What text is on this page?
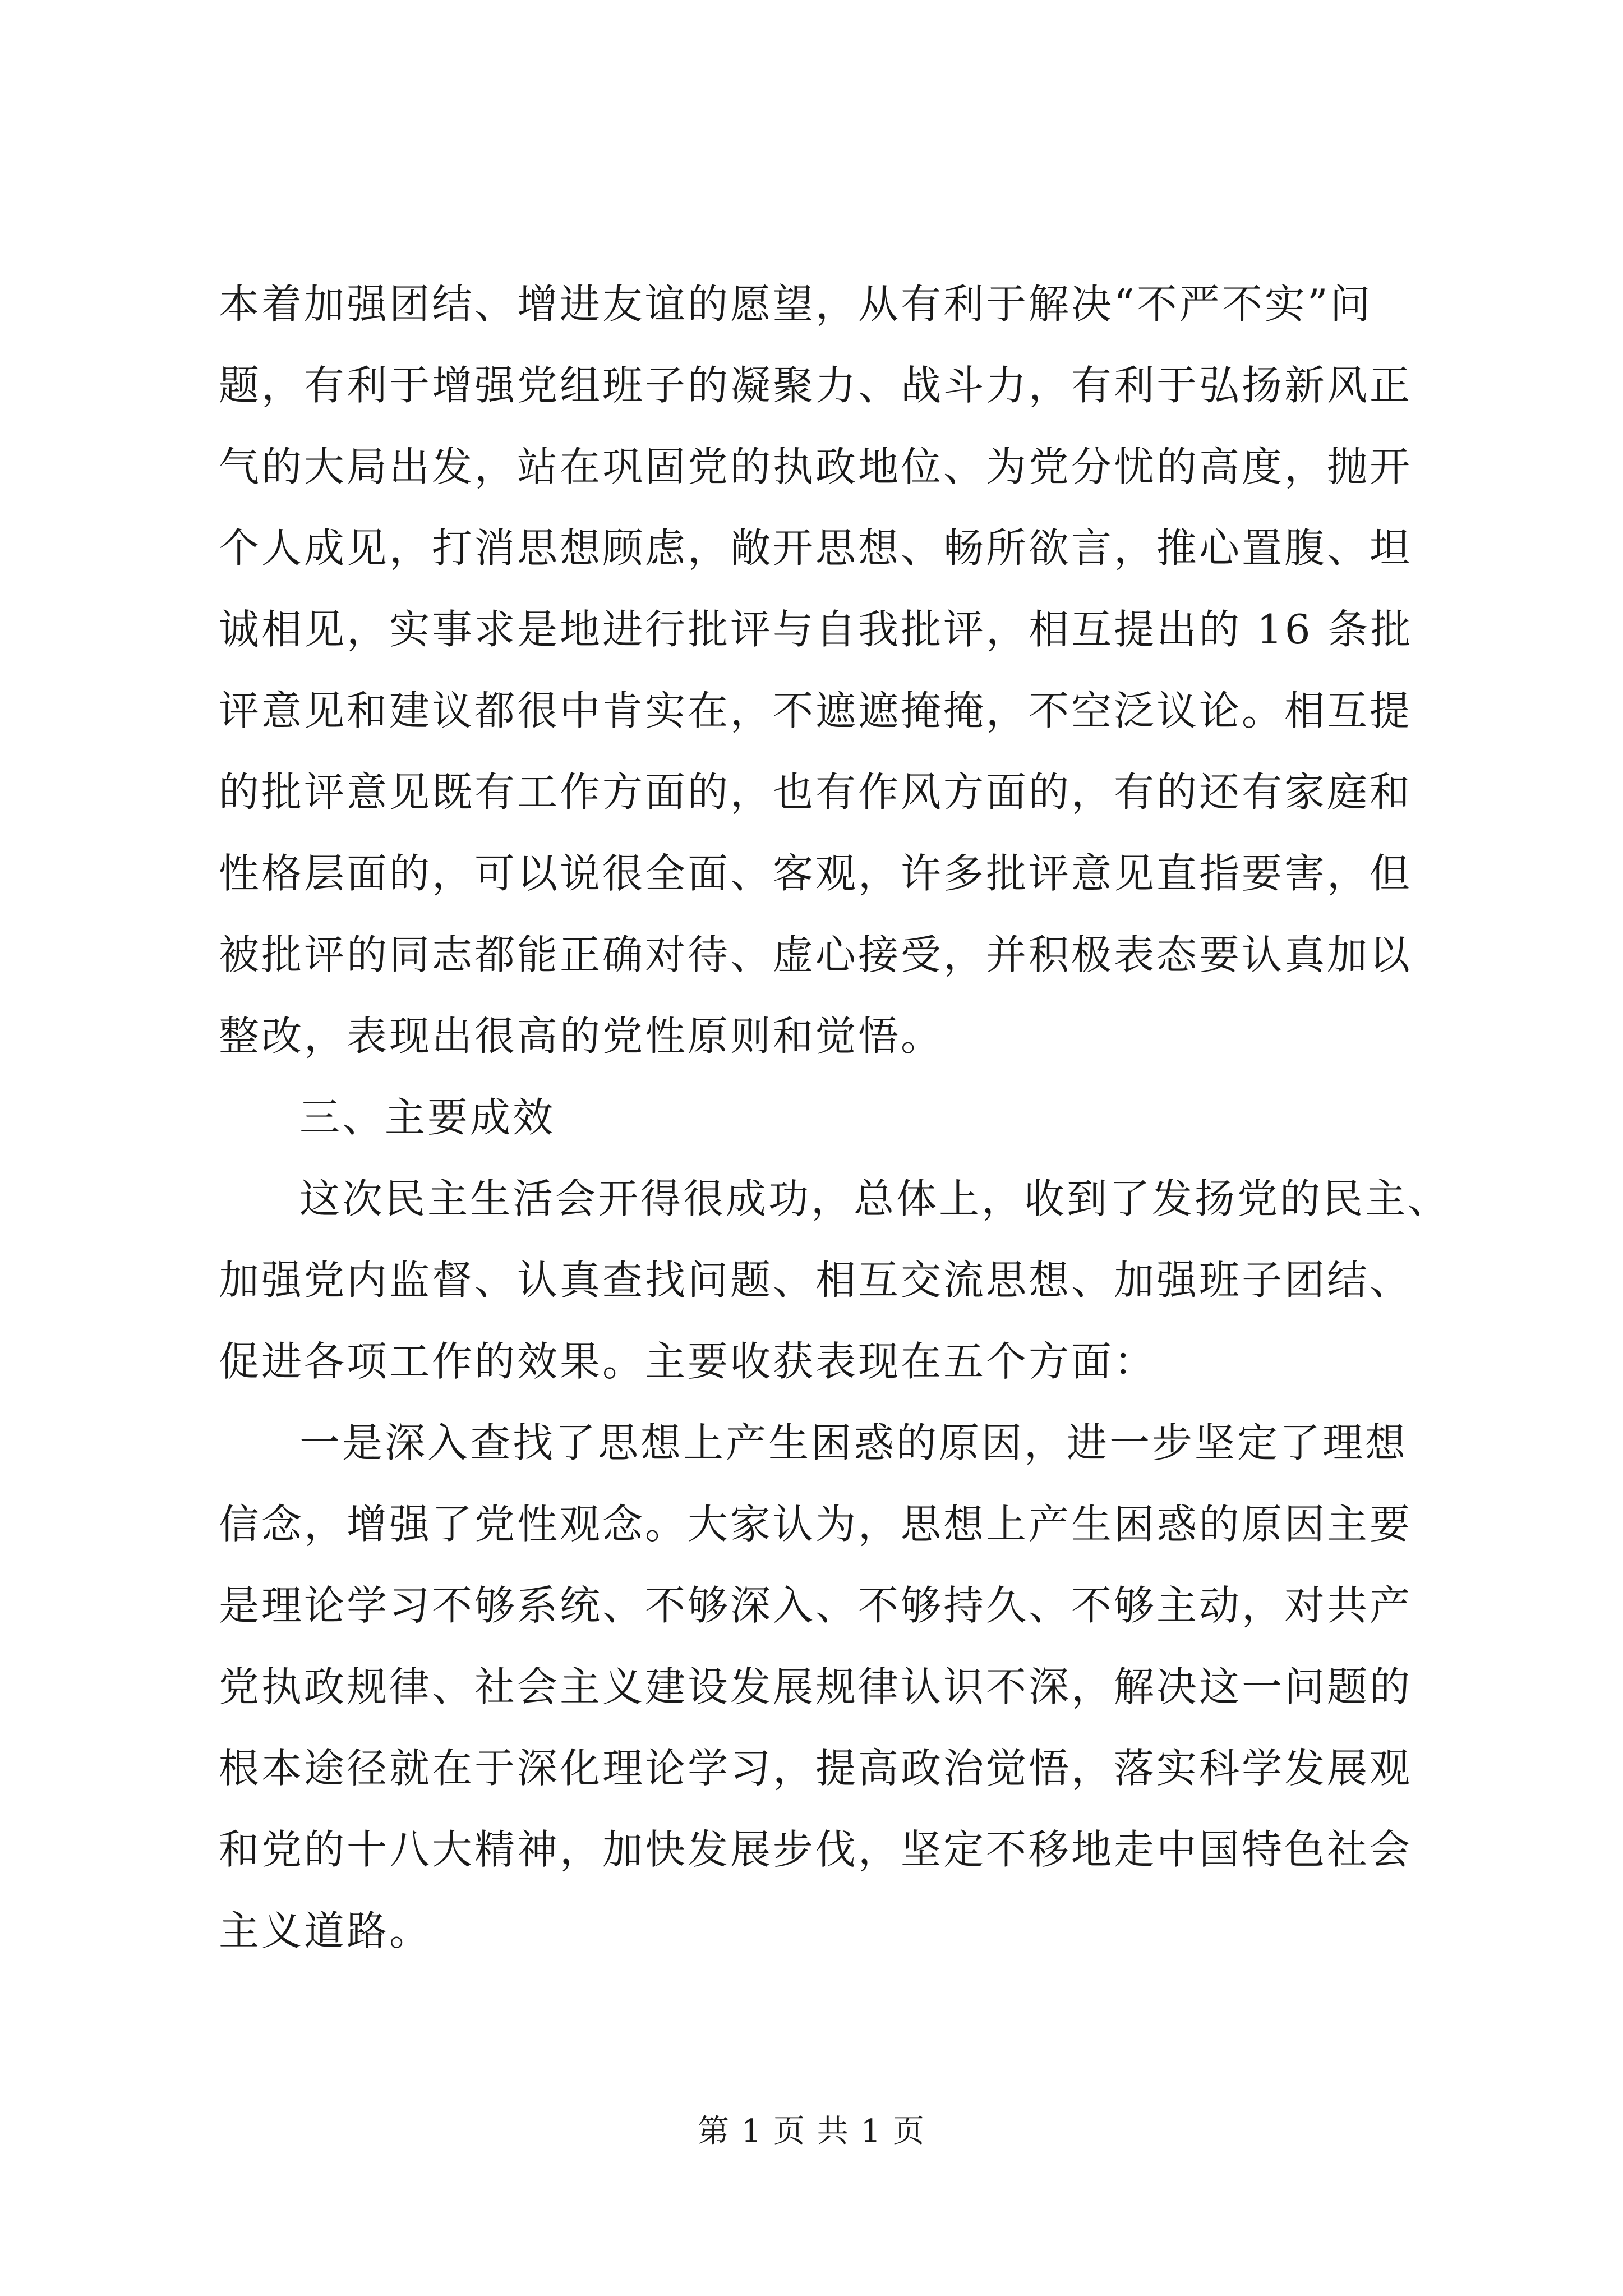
本着加强团结、增进友谊的愿望，从有利于解决“不严不实”问
题，有利于增强党组班子的凝聚力、战斗力，有利于弘扬新风正
气的大局出发，站在巩固党的执政地位、为党分忧的高度，抛开
个人成见，打消思想顾虑，敞开思想、畅所欲言，推心置腹、坦
诚相见，实事求是地进行批评与自我批评，相互提出的 16 条批
评意见和建议都很中肯实在，不遮遮掩掩，不空泛议论。相互提
的批评意见既有工作方面的，也有作风方面的，有的还有家庭和
性格层面的，可以说很全面、客观，许多批评意见直指要害，但
被批评的同志都能正确对待、虚心接受，并积极表态要认真加以
整改，表现出很高的党性原则和觉悟。
三、主要成效
这次民主生活会开得很成功，总体上，收到了发扬党的民主、
加强党内监督、认真查找问题、相互交流思想、加强班子团结、
促进各项工作的效果。主要收获表现在五个方面：
一是深入查找了思想上产生困惑的原因，进一步坚定了理想
信念，增强了党性观念。大家认为，思想上产生困惑的原因主要
是理论学习不够系统、不够深入、不够持久、不够主动，对共产
党执政规律、社会主义建设发展规律认识不深，解决这一问题的
根本途径就在于深化理论学习，提高政治觉悟，落实科学发展观
和党的十八大精神，加快发展步伐，坚定不移地走中国特色社会
主义道路。
第 1 页 共 1 页
